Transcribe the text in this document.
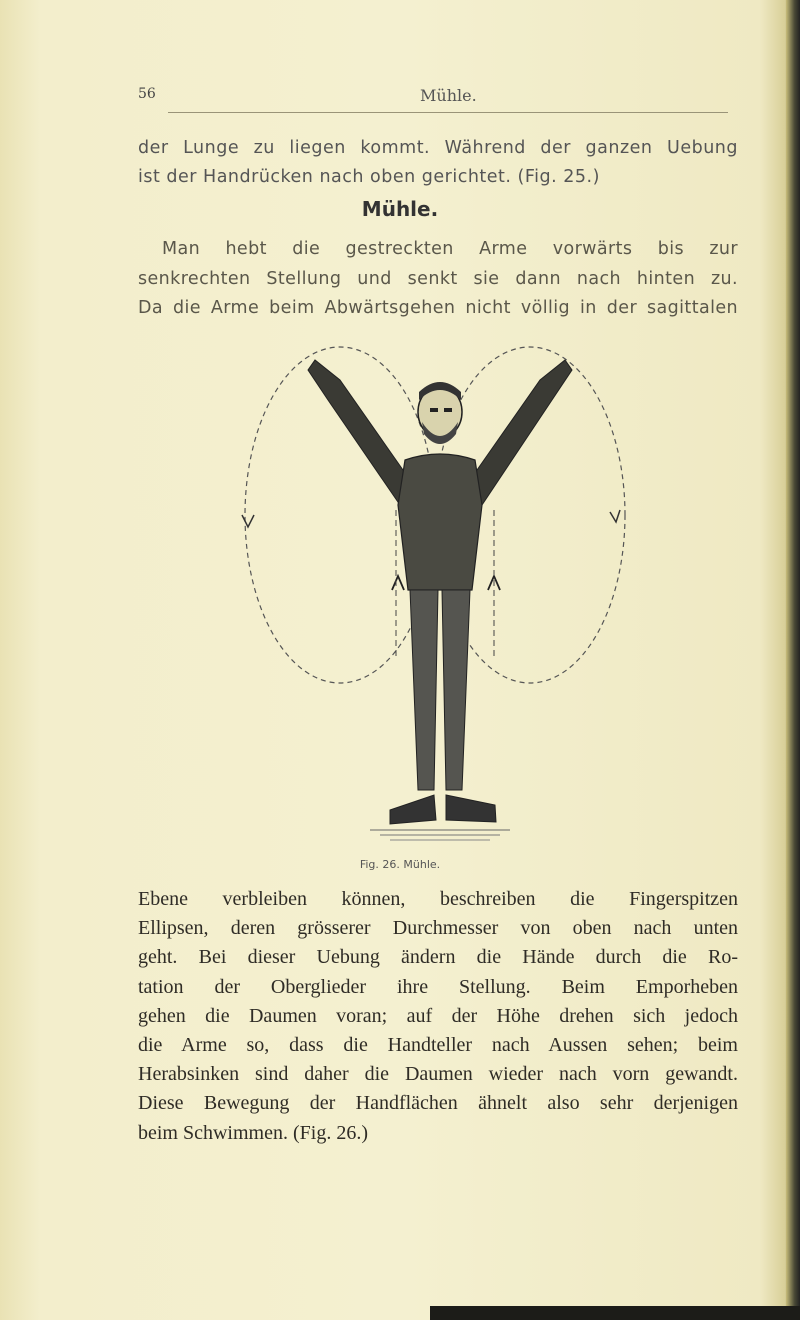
56	Mühle.
der Lunge zu liegen kommt. Während der ganzen Uebung
ist der Handrücken nach oben gerichtet. (Fig. 25.)
Mühle.
Man hebt die gestreckten Arme vorwärts bis zur
senkrechten Stellung und senkt sie dann nach hinten zu.
Da die Arme beim Abwärtsgehen nicht völlig in der sagittalen
Fig. 26. Mühle.
Ebene verbleiben können, beschreiben die Fingerspitzen
Ellipsen, deren grösserer Durchmesser von oben nach unten
geht. Bei dieser Uebung ändern die Hände durch die Ro-
tation der Oberglieder ihre Stellung. Beim Emporheben
gehen die Daumen voran; auf der Höhe drehen sich jedoch
die Arme so, dass die Handteller nach Aussen sehen; beim
Herabsinken sind daher die Daumen wieder nach vorn gewandt.
Diese Bewegung der Handflächen ähnelt also sehr derjenigen
beim Schwimmen. (Fig. 26.)
